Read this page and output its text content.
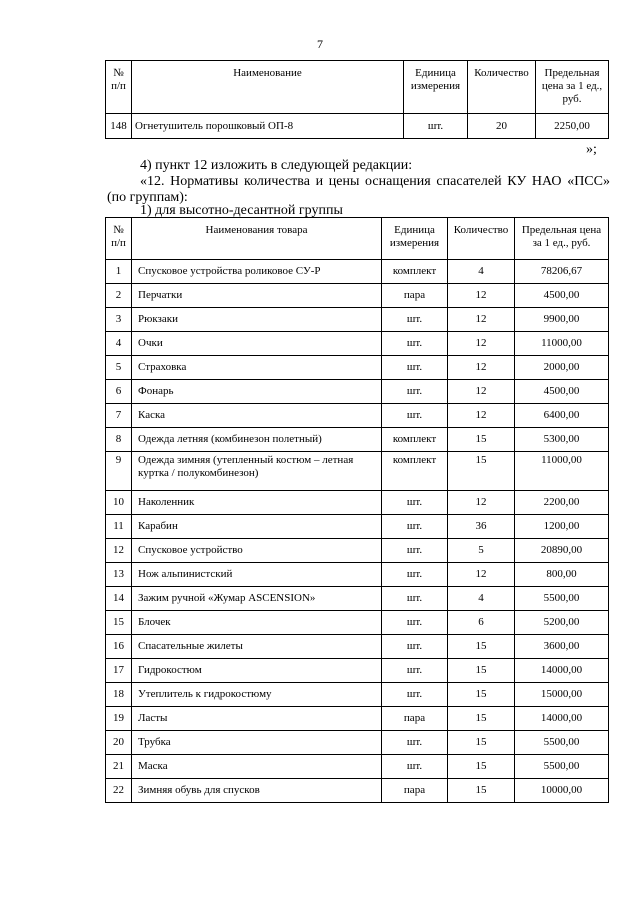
7
№
п/п	Наименование	Единица измерения	Количество	Предельная цена за 1 ед., руб.
148	Огнетушитель порошковый ОП-8	шт.	20	2250,00
»;
4) пункт 12 изложить в следующей редакции:
«12. Нормативы количества и цены оснащения спасателей КУ НАО «ПСС»
(по группам):
1) для высотно-десантной группы
№
п/п	Наименования товара	Единица измерения	Количество	Предельная цена за 1 ед., руб.
1	Спусковое устройства роликовое СУ-Р	комплект	4	78206,67
2	Перчатки	пара	12	4500,00
3	Рюкзаки	шт.	12	9900,00
4	Очки	шт.	12	11000,00
5	Страховка	шт.	12	2000,00
6	Фонарь	шт.	12	4500,00
7	Каска	шт.	12	6400,00
8	Одежда летняя (комбинезон полетный)	комплект	15	5300,00
9	Одежда зимняя (утепленный костюм – летная куртка / полукомбинезон)	комплект	15	11000,00
10	Наколенник	шт.	12	2200,00
11	Карабин	шт.	36	1200,00
12	Спусковое устройство	шт.	5	20890,00
13	Нож альпинистский	шт.	12	800,00
14	Зажим ручной «Жумар ASCENSION»	шт.	4	5500,00
15	Блочек	шт.	6	5200,00
16	Спасательные жилеты	шт.	15	3600,00
17	Гидрокостюм	шт.	15	14000,00
18	Утеплитель к гидрокостюму	шт.	15	15000,00
19	Ласты	пара	15	14000,00
20	Трубка	шт.	15	5500,00
21	Маска	шт.	15	5500,00
22	Зимняя обувь для спусков	пара	15	10000,00
